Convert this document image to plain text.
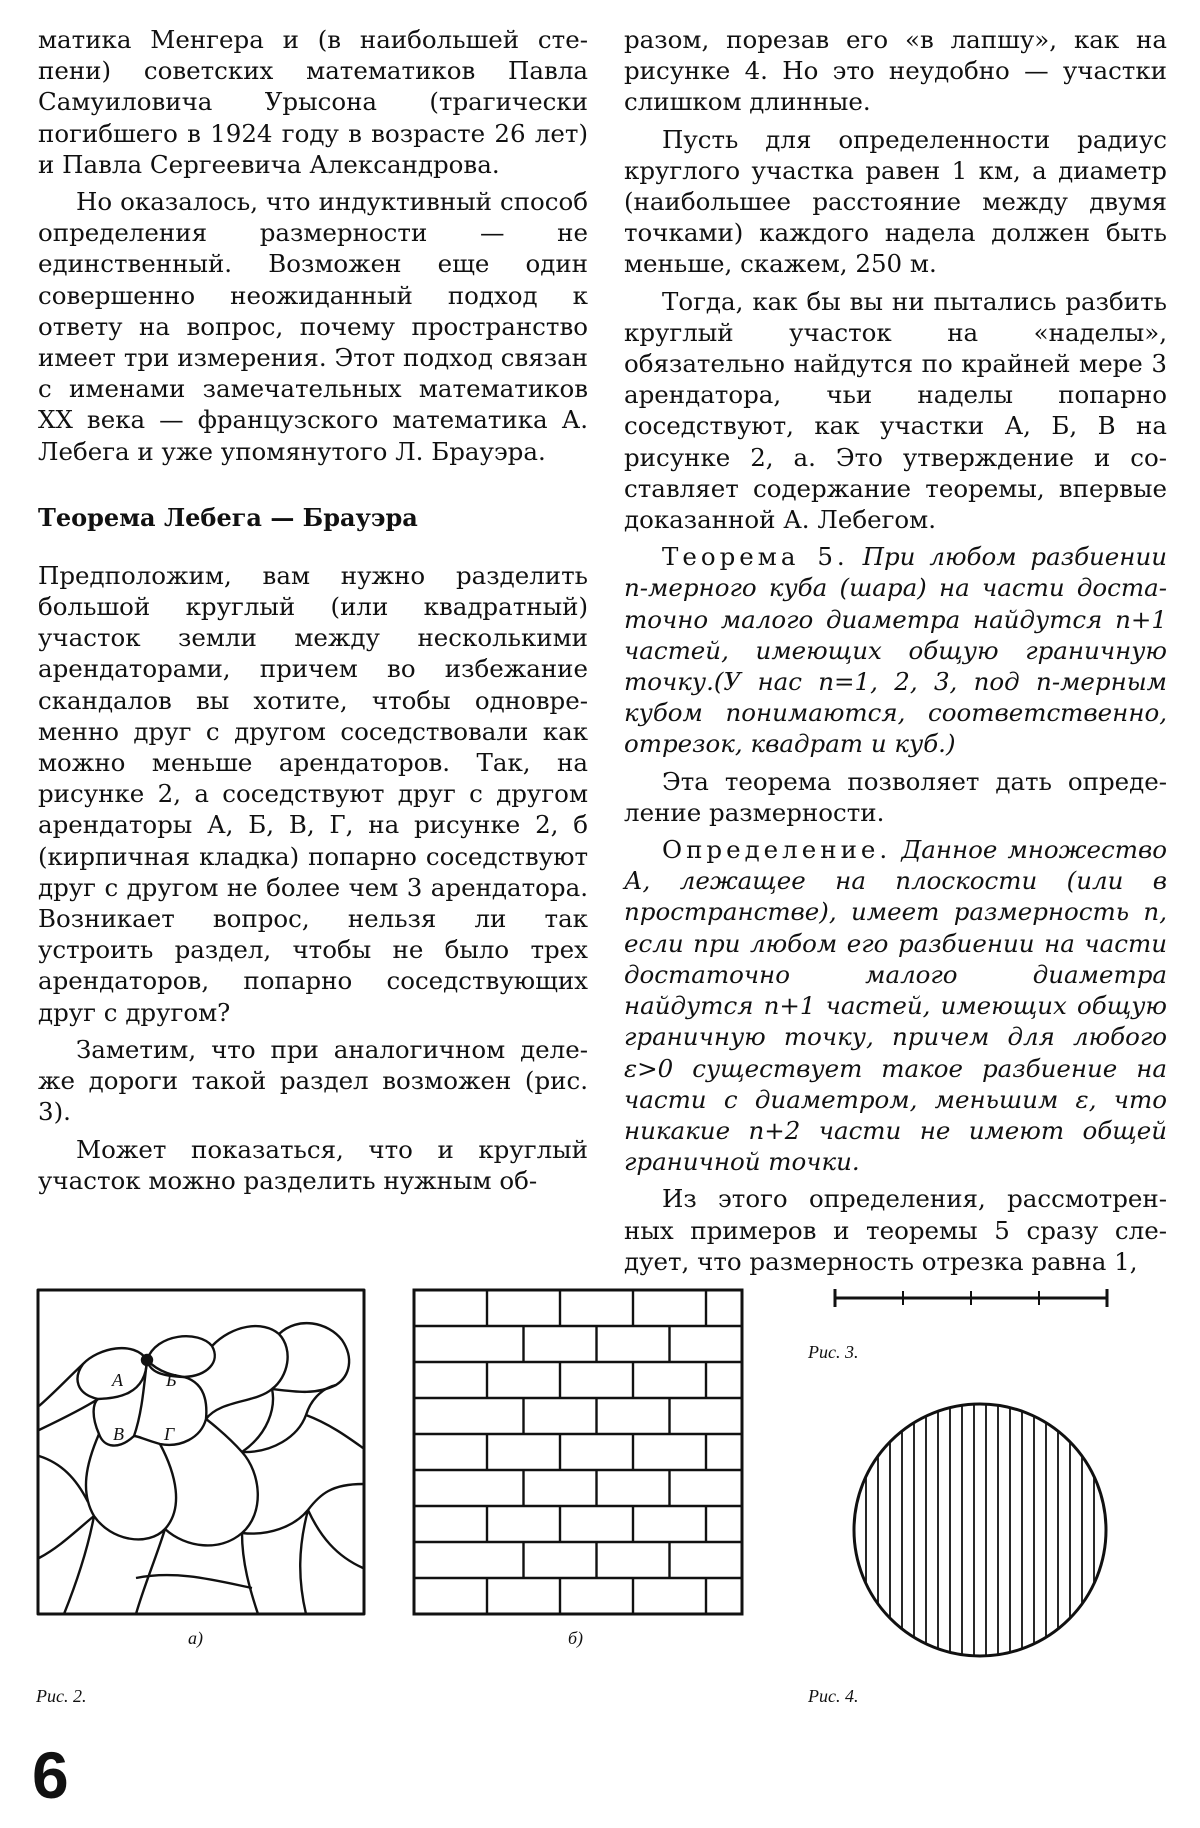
матика Менгера и (в наибольшей степени) советских математиков Павла Самуиловича Урысона (трагически погибшего в 1924 году в возрасте 26 лет) и Павла Сергеевича Александрова.

Но оказалось, что индуктивный способ определения размерности — не единственный. Возможен еще один совершенно неожиданный подход к ответу на вопрос, почему пространство имеет три измерения. Этот подход связан с именами замечательных математиков XX века — французского математика А. Лебега и уже упомянутого Л. Брауэра.

Теорема Лебега — Брауэра

Предположим, вам нужно разделить большой круглый (или квадратный) участок земли между несколькими арендаторами, причем во избежание скандалов вы хотите, чтобы одновременно друг с другом соседствовали как можно меньше арендаторов. Так, на рисунке 2, а соседствуют друг с другом арендаторы А, Б, В, Г, на рисунке 2, б (кирпичная кладка) попарно соседствуют друг с другом не более чем 3 арендатора. Возникает вопрос, нельзя ли так устроить раздел, чтобы не было трех арендаторов, попарно соседствующих друг с другом?

Заметим, что при аналогичном дележе дороги такой раздел возможен (рис. 3).

Может показаться, что и круглый участок можно разделить нужным об-

разом, порезав его «в лапшу», как на рисунке 4. Но это неудобно — участки слишком длинные.

Пусть для определенности радиус круглого участка равен 1 км, а диаметр (наибольшее расстояние между двумя точками) каждого надела должен быть меньше, скажем, 250 м.

Тогда, как бы вы ни пытались разбить круглый участок на «наделы», обязательно найдутся по крайней мере 3 арендатора, чьи наделы попарно соседствуют, как участки А, Б, В на рисунке 2, а. Это утверждение и составляет содержание теоремы, впервые доказанной А. Лебегом.

Теорема 5. При любом разбиении n-мерного куба (шара) на части достаточно малого диаметра найдутся n+1 частей, имеющих общую граничную точку.(У нас n=1, 2, 3, под n-мерным кубом понимаются, соответственно, отрезок, квадрат и куб.)

Эта теорема позволяет дать определение размерности.

Определение. Данное множество А, лежащее на плоскости (или в пространстве), имеет размерность n, если при любом его разбиении на части достаточно малого диаметра найдутся n+1 частей, имеющих общую граничную точку, причем для любого ε>0 существует такое разбиение на части с диаметром, меньшим ε, что никакие n+2 части не имеют общей граничной точки.

Из этого определения, рассмотренных примеров и теоремы 5 сразу следует, что размерность отрезка равна 1,

а)
А Б
В Г
б)
Рис. 2.
Рис. 3.
Рис. 4.
6
